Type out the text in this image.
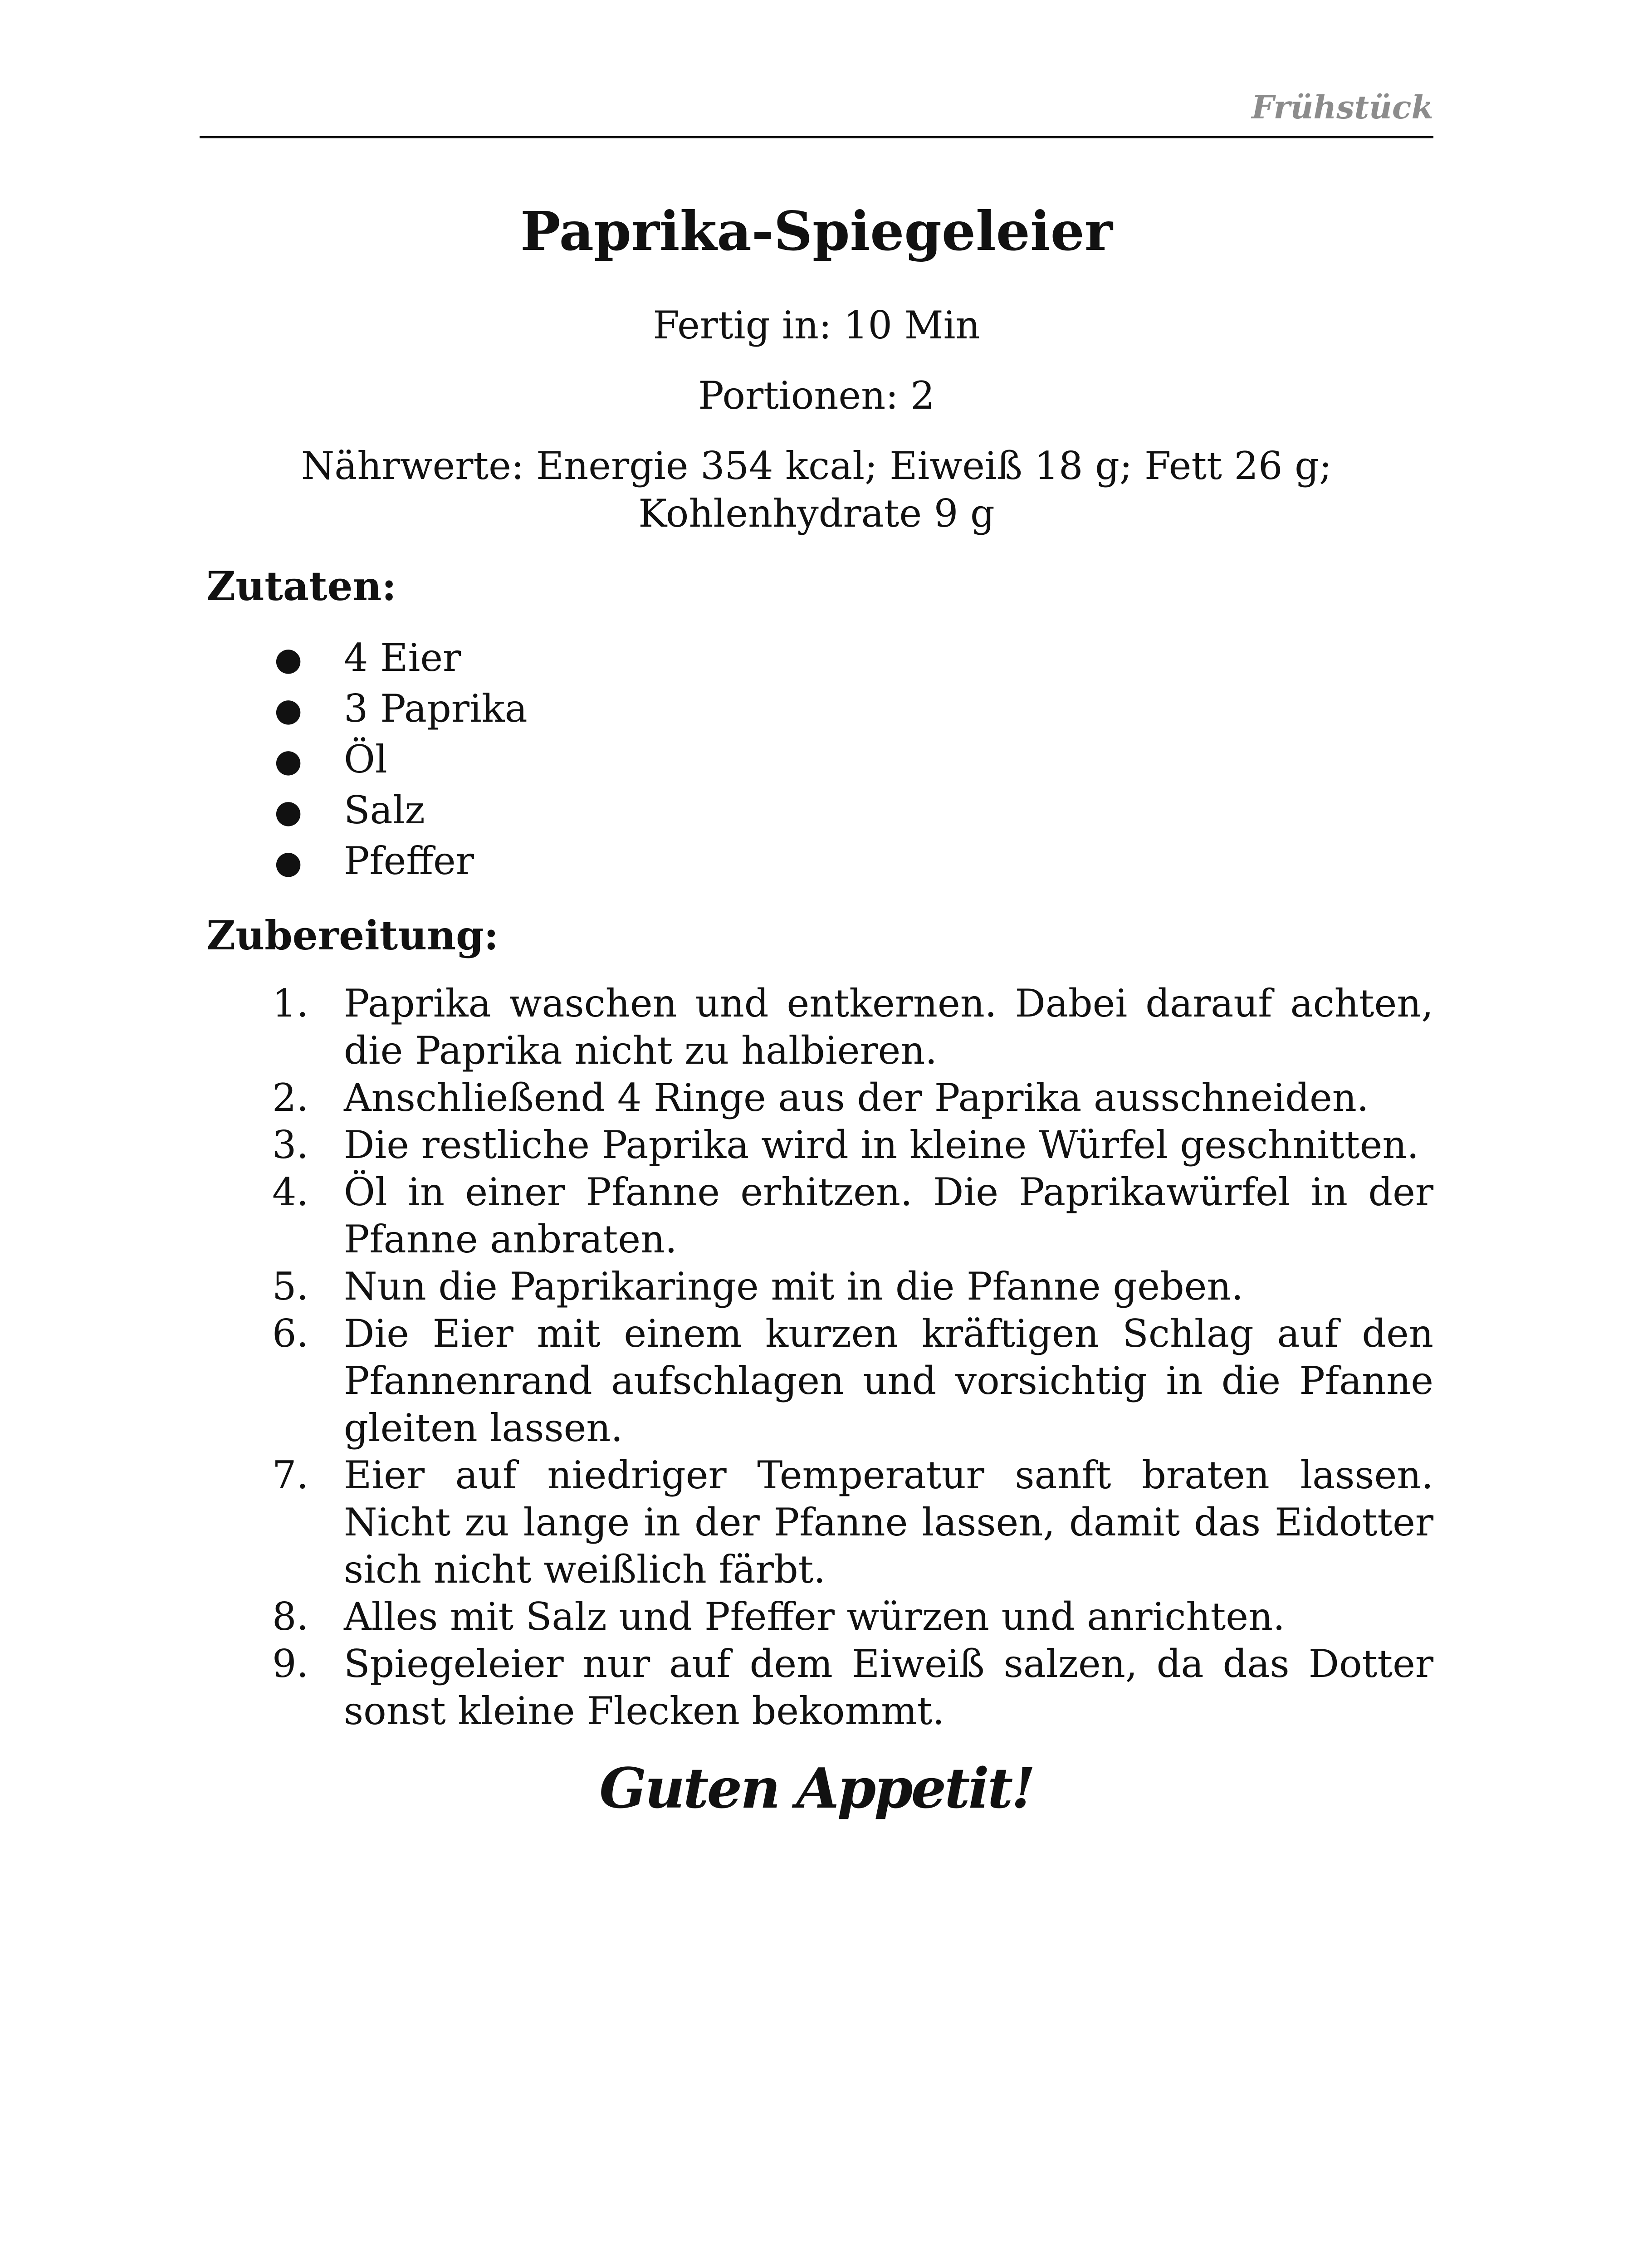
Frühstück
Paprika-Spiegeleier
Fertig in: 10 Min
Portionen: 2
Nährwerte: Energie 354 kcal; Eiweiß 18 g; Fett 26 g;
Kohlenhydrate 9 g
Zutaten:
● 4 Eier
● 3 Paprika
● Öl
● Salz
● Pfeffer
Zubereitung:
1. Paprika waschen und entkernen. Dabei darauf achten, die Paprika nicht zu halbieren.
2. Anschließend 4 Ringe aus der Paprika ausschneiden.
3. Die restliche Paprika wird in kleine Würfel geschnitten.
4. Öl in einer Pfanne erhitzen. Die Paprikawürfel in der Pfanne anbraten.
5. Nun die Paprikaringe mit in die Pfanne geben.
6. Die Eier mit einem kurzen kräftigen Schlag auf den Pfannenrand aufschlagen und vorsichtig in die Pfanne gleiten lassen.
7. Eier auf niedriger Temperatur sanft braten lassen. Nicht zu lange in der Pfanne lassen, damit das Eidotter sich nicht weißlich färbt.
8. Alles mit Salz und Pfeffer würzen und anrichten.
9. Spiegeleier nur auf dem Eiweiß salzen, da das Dotter sonst kleine Flecken bekommt.
Guten Appetit!
